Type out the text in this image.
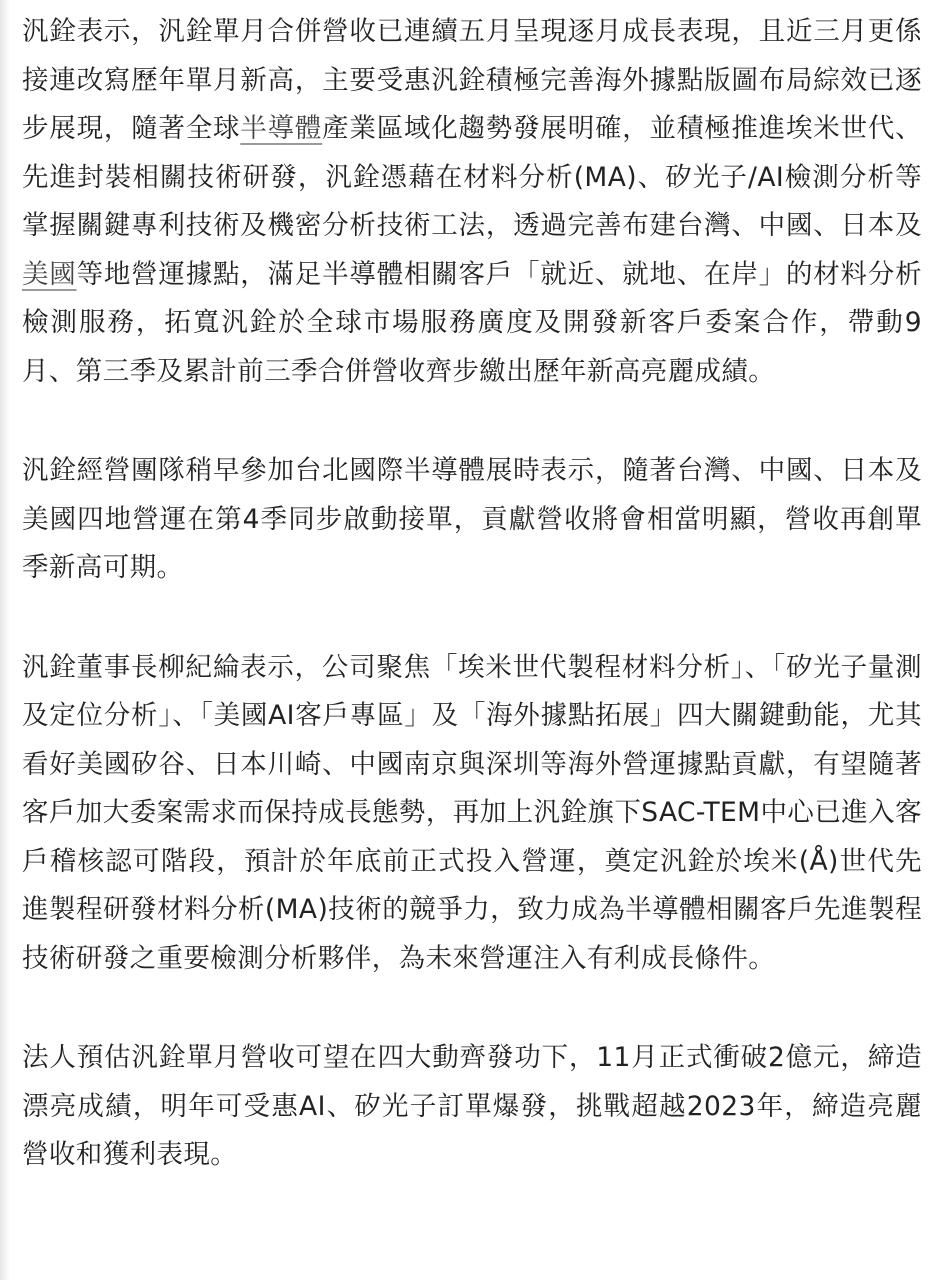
汎銓表示，汎銓單月合併營收已連續五月呈現逐月成長表現，且近三月更係接連改寫歷年單月新高，主要受惠汎銓積極完善海外據點版圖布局綜效已逐步展現，隨著全球半導體產業區域化趨勢發展明確，並積極推進埃米世代、先進封裝相關技術研發，汎銓憑藉在材料分析(MA)、矽光子/AI檢測分析等掌握關鍵專利技術及機密分析技術工法，透過完善布建台灣、中國、日本及美國等地營運據點，滿足半導體相關客戶「就近、就地、在岸」的材料分析檢測服務，拓寬汎銓於全球市場服務廣度及開發新客戶委案合作，帶動9月、第三季及累計前三季合併營收齊步繳出歷年新高亮麗成績。

汎銓經營團隊稍早參加台北國際半導體展時表示，隨著台灣、中國、日本及美國四地營運在第4季同步啟動接單，貢獻營收將會相當明顯，營收再創單季新高可期。

汎銓董事長柳紀綸表示，公司聚焦「埃米世代製程材料分析」、「矽光子量測及定位分析」、「美國AI客戶專區」及「海外據點拓展」四大關鍵動能，尤其看好美國矽谷、日本川崎、中國南京與深圳等海外營運據點貢獻，有望隨著客戶加大委案需求而保持成長態勢，再加上汎銓旗下SAC-TEM中心已進入客戶稽核認可階段，預計於年底前正式投入營運，奠定汎銓於埃米(Å)世代先進製程研發材料分析(MA)技術的競爭力，致力成為半導體相關客戶先進製程技術研發之重要檢測分析夥伴，為未來營運注入有利成長條件。

法人預估汎銓單月營收可望在四大動齊發功下，11月正式衝破2億元，締造漂亮成績，明年可受惠AI、矽光子訂單爆發，挑戰超越2023年，締造亮麗營收和獲利表現。
